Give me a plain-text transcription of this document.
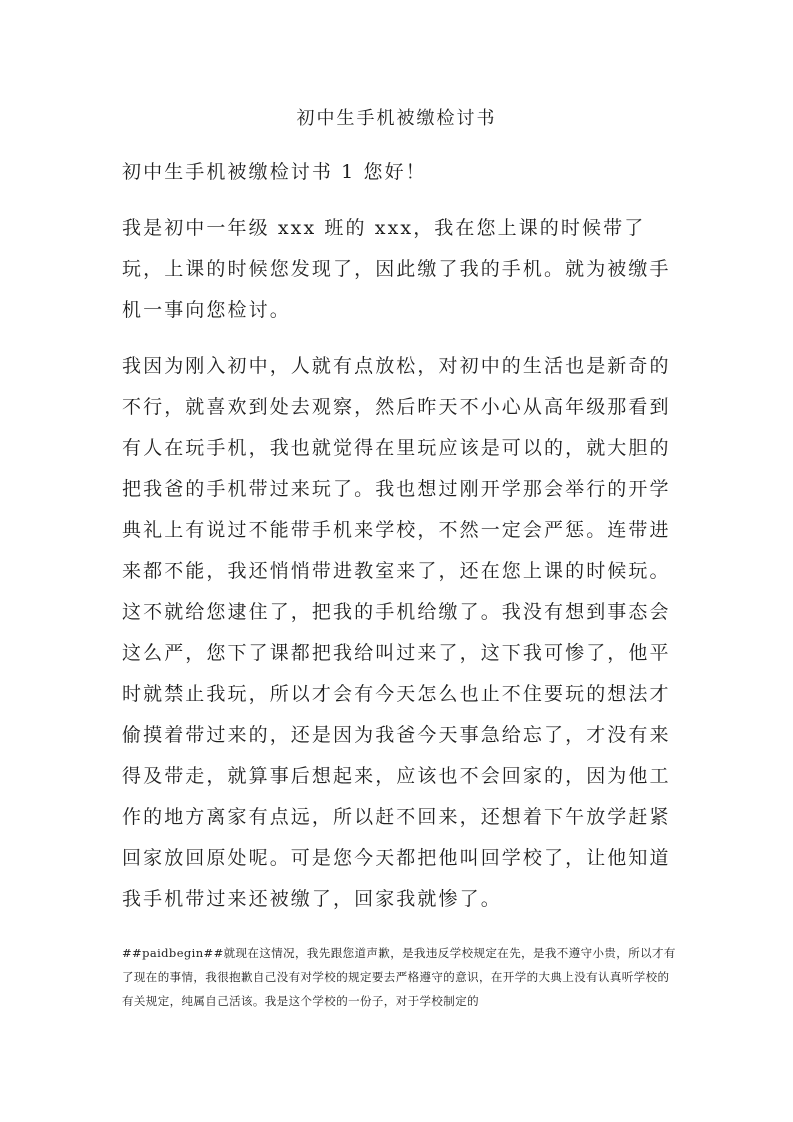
初中生手机被缴检讨书

初中生手机被缴检讨书 1 您好！

我是初中一年级 xxx 班的 xxx，我在您上课的时候带了玩，上课的时候您发现了，因此缴了我的手机。就为被缴手机一事向您检讨。

我因为刚入初中，人就有点放松，对初中的生活也是新奇的不行，就喜欢到处去观察，然后昨天不小心从高年级那看到有人在玩手机，我也就觉得在里玩应该是可以的，就大胆的把我爸的手机带过来玩了。我也想过刚开学那会举行的开学典礼上有说过不能带手机来学校，不然一定会严惩。连带进来都不能，我还悄悄带进教室来了，还在您上课的时候玩。这不就给您逮住了，把我的手机给缴了。我没有想到事态会这么严，您下了课都把我给叫过来了，这下我可惨了，他平时就禁止我玩，所以才会有今天怎么也止不住要玩的想法才偷摸着带过来的，还是因为我爸今天事急给忘了，才没有来得及带走，就算事后想起来，应该也不会回家的，因为他工作的地方离家有点远，所以赶不回来，还想着下午放学赶紧回家放回原处呢。可是您今天都把他叫回学校了，让他知道我手机带过来还被缴了，回家我就惨了。

##paidbegin##就现在这情况，我先跟您道声歉，是我违反学校规定在先，是我不遵守小贵，所以才有了现在的事情，我很抱歉自己没有对学校的规定要去严格遵守的意识，在开学的大典上没有认真听学校的有关规定，纯属自己活该。我是这个学校的一份子，对于学校制定的
